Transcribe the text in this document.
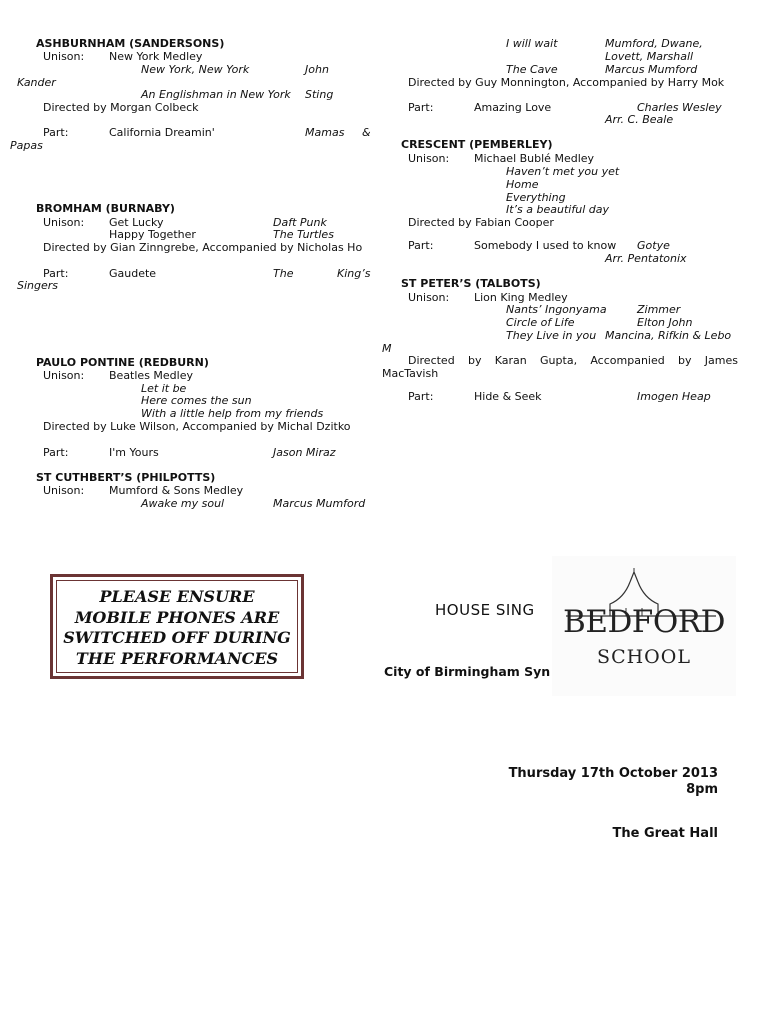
ASHBURNHAM (SANDERSONS)
Unison: New York Medley
New York, New York	John
Kander
An Englishman in New York Sting
Directed by Morgan Colbeck
Part:	California Dreamin'	Mamas &
Papas
BROMHAM (BURNABY)
Unison: Get Lucky	Daft Punk
Happy Together	The Turtles
Directed by Gian Zinngrebe, Accompanied by Nicholas Ho
Part:	Gaudete	The	King’s
Singers
PAULO PONTINE (REDBURN)
Unison: Beatles Medley
Let it be
Here comes the sun
With a little help from my friends
Directed by Luke Wilson, Accompanied by Michal Dzitko
Part:	I'm Yours	Jason Miraz
ST CUTHBERT’S (PHILPOTTS)
Unison: Mumford & Sons Medley
Awake my soul	Marcus Mumford
I will wait	Mumford, Dwane,
Lovett, Marshall
The Cave	Marcus Mumford
Directed by Guy Monnington, Accompanied by Harry Mok
Part:	Amazing Love	Charles Wesley
Arr. C. Beale
CRESCENT (PEMBERLEY)
Unison: Michael Bublé Medley
Haven’t met you yet
Home
Everything
It’s a beautiful day
Directed by Fabian Cooper
Part:	Somebody I used to know Gotye
Arr. Pentatonix
ST PETER’S (TALBOTS)
Unison: Lion King Medley
Nants’ Ingonyama	Zimmer
Circle of Life	Elton John
They Live in you Mancina, Rifkin & Lebo
M
Directed by Karan Gupta, Accompanied by James
MacTavish
Part:	Hide & Seek	Imogen Heap
PLEASE ENSURE MOBILE PHONES ARE SWITCHED OFF DURING THE PERFORMANCES
HOUSE SING
City of Birmingham Syn
BEDFORD
SCHOOL
Thursday 17th October 2013
8pm
The Great Hall
